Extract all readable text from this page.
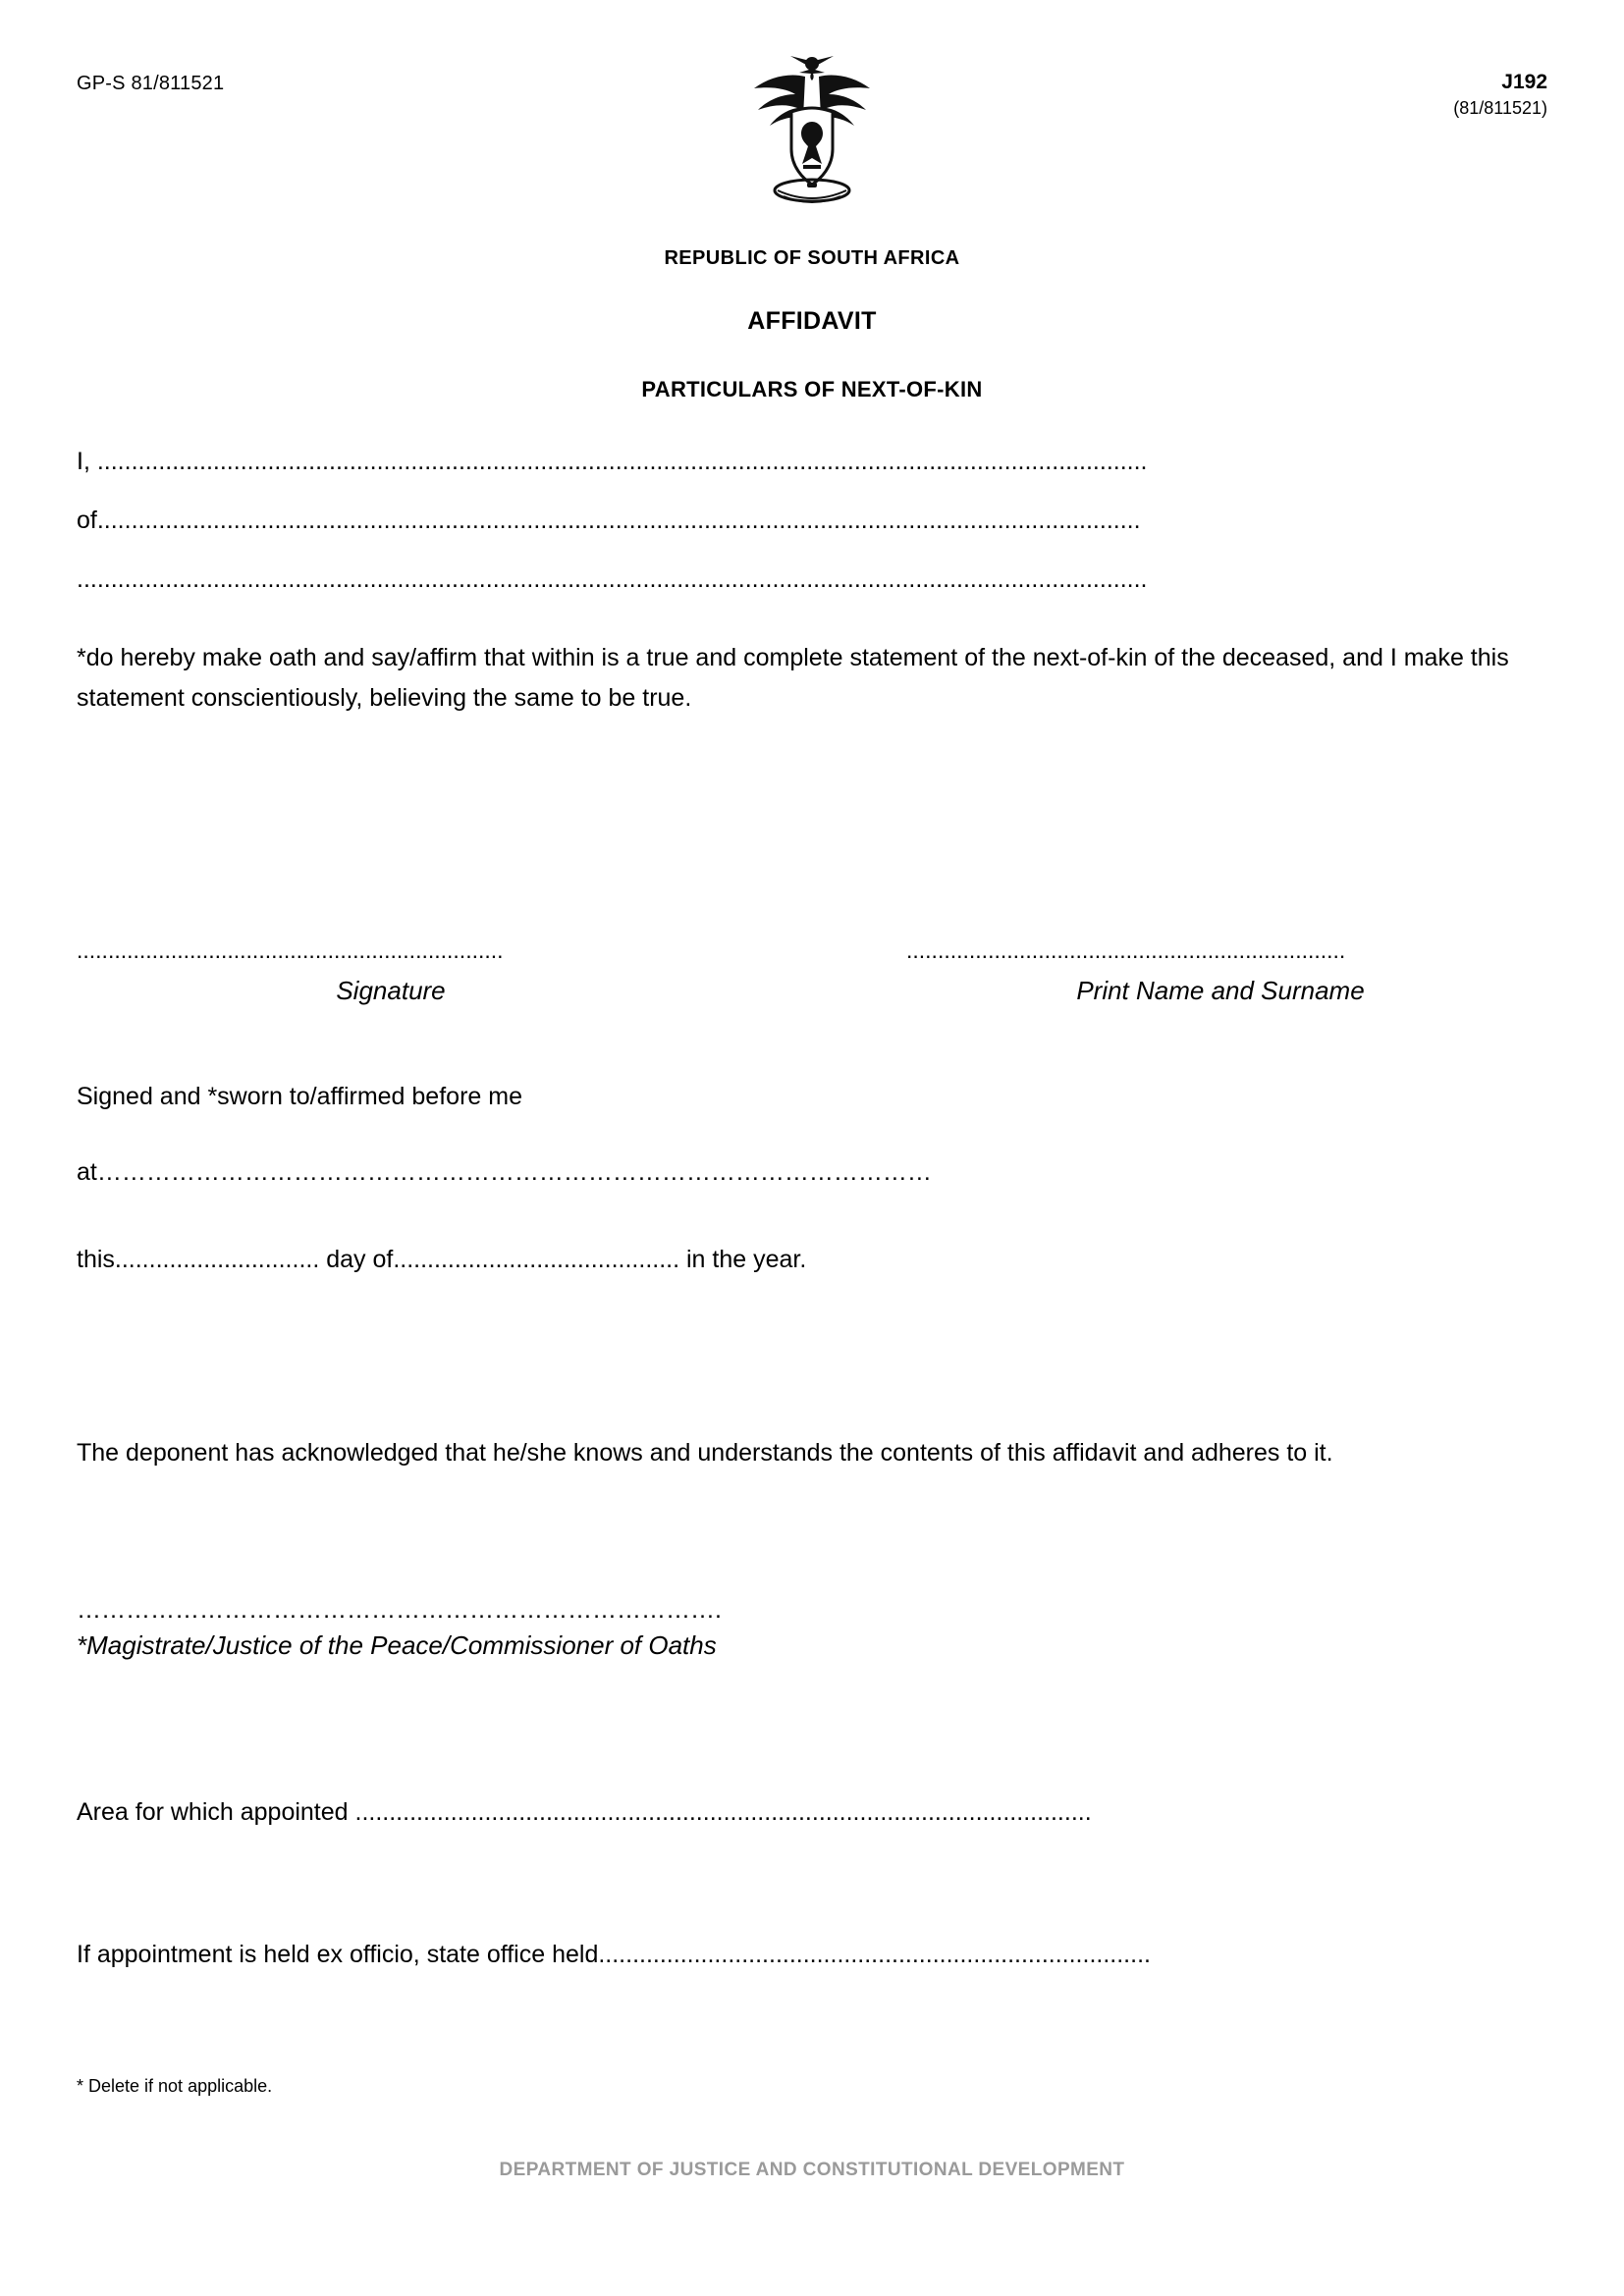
GP-S 81/811521	J192
(81/811521)
REPUBLIC OF SOUTH AFRICA
AFFIDAVIT
PARTICULARS OF NEXT-OF-KIN
I, ..........................................................................................................................................................
of.........................................................................................................................................................
.............................................................................................................................................................
*do hereby make oath and say/affirm that within is a true and complete statement of the next-of-kin of the deceased, and I make this statement conscientiously, believing the same to be true.
....................................................................
Signature
......................................................................
Print Name and Surname
Signed and *sworn to/affirmed before me
at…………………………………………………………………………………………
this.............................. day of.......................................... in the year.
The deponent has acknowledged that he/she knows and understands the contents of this affidavit and adheres to it.
…………………………………………………………………….
*Magistrate/Justice of the Peace/Commissioner of Oaths
Area for which appointed ............................................................................................................
If appointment is held ex officio, state office held.................................................................................
* Delete if not applicable.
DEPARTMENT OF JUSTICE AND CONSTITUTIONAL DEVELOPMENT
